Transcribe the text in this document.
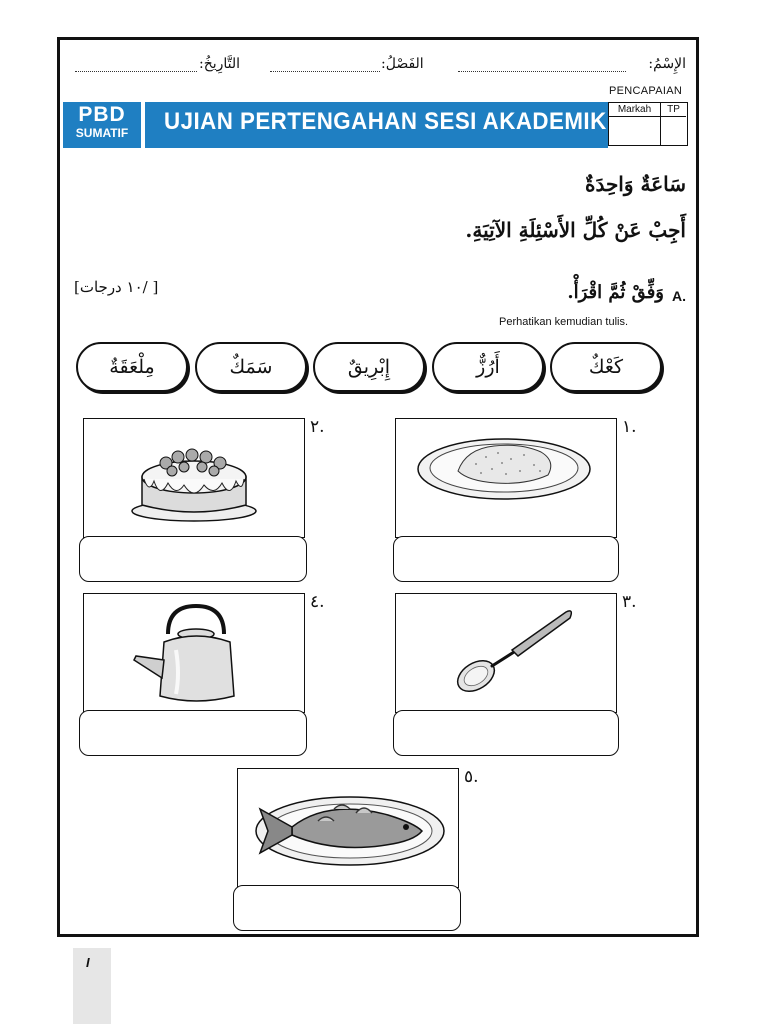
الإِسْمُ:
الفَصْلُ:
التَّارِيخُ:
PENCAPAIAN
PBD
SUMATIF	UJIAN PERTENGAHAN SESI AKADEMIK	Markah	TP
سَاعَةٌ وَاحِدَةٌ
أَجِبْ عَنْ كُلِّ الأَسْئِلَةِ الآتِيَةِ.
A.
وَفِّقْ ثُمَّ اقْرَأْ.
Perhatikan kemudian tulis.
[ /١٠ درجات]
كَعْكٌ
أَرُزٌّ
إِبْرِيقٌ
سَمَكٌ
مِلْعَقَةٌ
١.
٢.
٣.
٤.
٥.
I
